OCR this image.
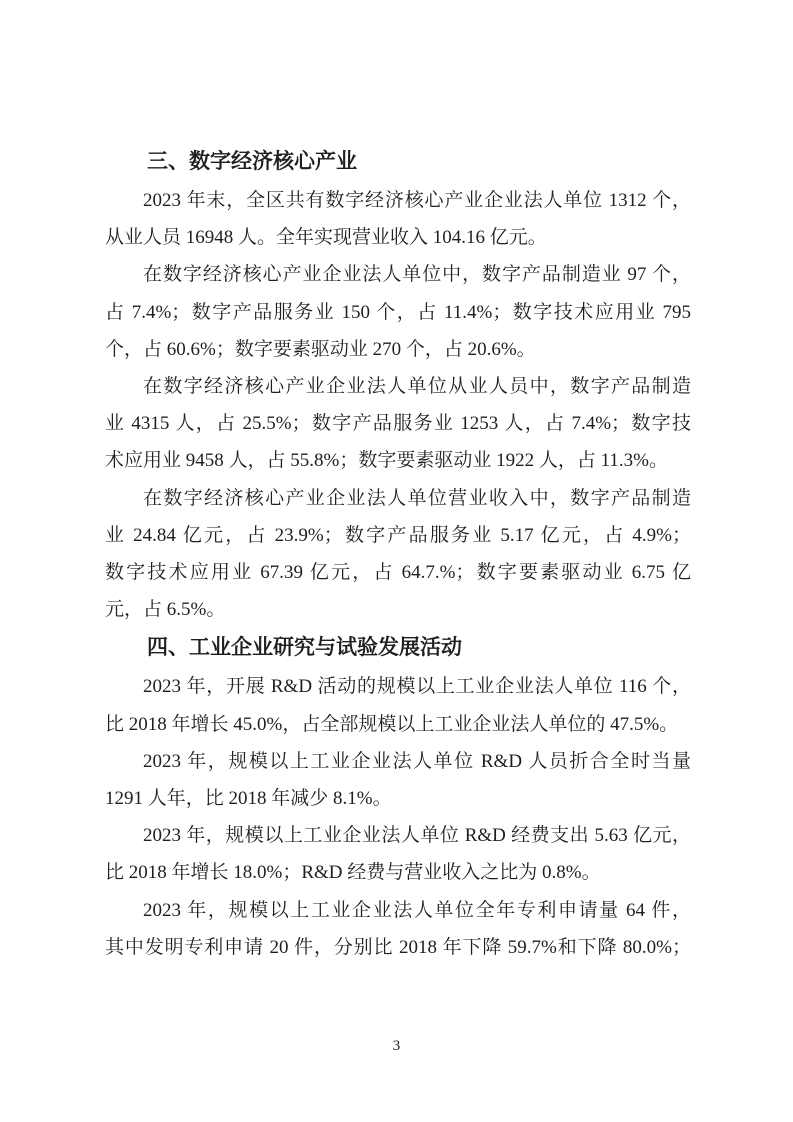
三、数字经济核心产业
2023 年末，全区共有数字经济核心产业企业法人单位 1312 个，
从业人员 16948 人。全年实现营业收入 104.16 亿元。
在数字经济核心产业企业法人单位中，数字产品制造业 97 个，
占 7.4%；数字产品服务业 150 个，占 11.4%；数字技术应用业 795
个，占 60.6%；数字要素驱动业 270 个，占 20.6%。
在数字经济核心产业企业法人单位从业人员中，数字产品制造
业 4315 人，占 25.5%；数字产品服务业 1253 人，占 7.4%；数字技
术应用业 9458 人，占 55.8%；数字要素驱动业 1922 人，占 11.3%。
在数字经济核心产业企业法人单位营业收入中，数字产品制造
业 24.84 亿元，占 23.9%；数字产品服务业 5.17 亿元，占 4.9%；
数字技术应用业 67.39 亿元，占 64.7.%；数字要素驱动业 6.75 亿
元，占 6.5%。
四、工业企业研究与试验发展活动
2023 年，开展 R&D 活动的规模以上工业企业法人单位 116 个，
比 2018 年增长 45.0%，占全部规模以上工业企业法人单位的 47.5%。
2023 年，规模以上工业企业法人单位 R&D 人员折合全时当量
1291 人年，比 2018 年减少 8.1%。
2023 年，规模以上工业企业法人单位 R&D 经费支出 5.63 亿元，
比 2018 年增长 18.0%；R&D 经费与营业收入之比为 0.8%。
2023 年，规模以上工业企业法人单位全年专利申请量 64 件，
其中发明专利申请 20 件，分别比 2018 年下降 59.7%和下降 80.0%；
3
